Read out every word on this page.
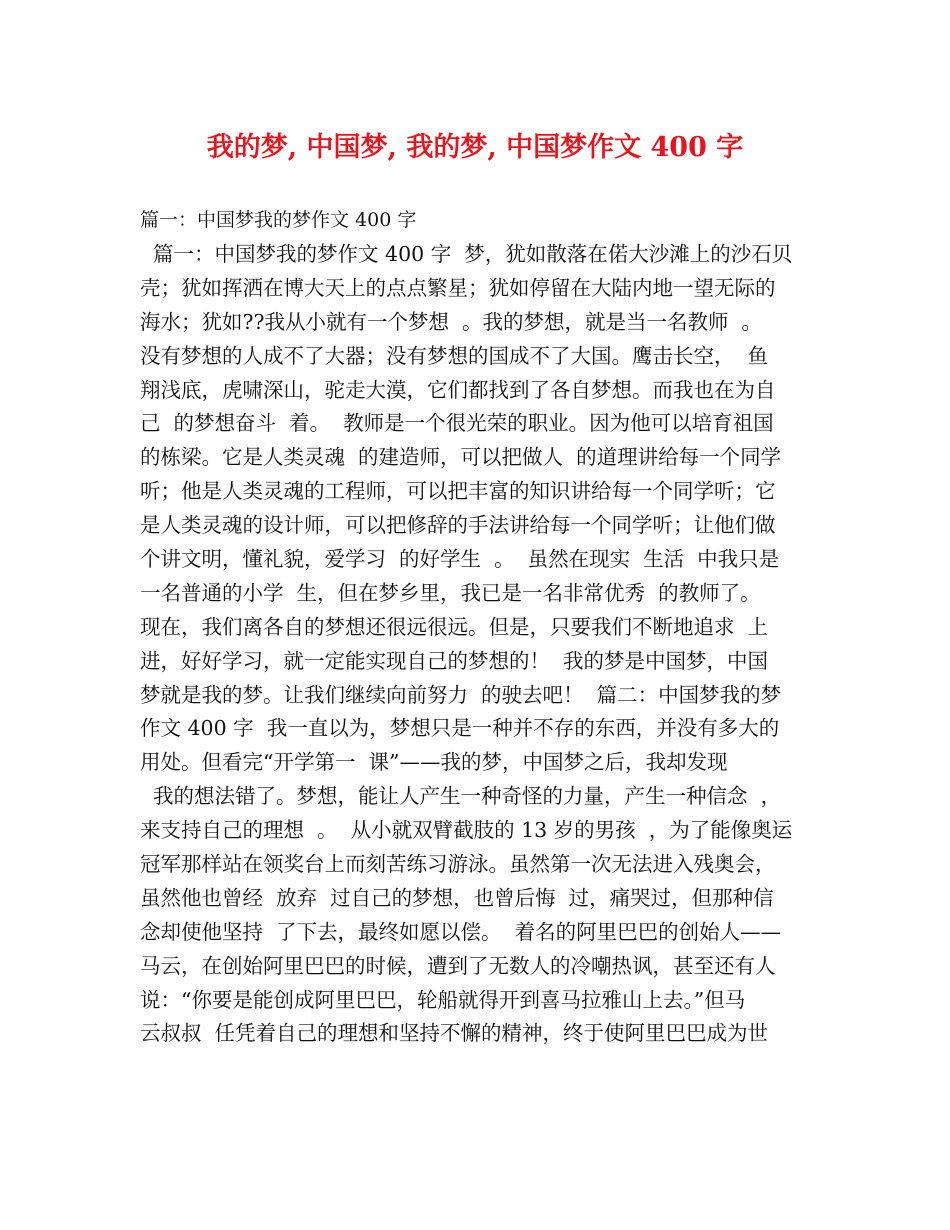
我的梦, 中国梦, 我的梦, 中国梦作文 400 字
篇一：中国梦我的梦作文 400 字
篇一：中国梦我的梦作文 400 字  梦，犹如散落在偌大沙滩上的沙石贝
壳；犹如挥洒在博大天上的点点繁星；犹如停留在大陆内地一望无际的
海水；犹如??我从小就有一个梦想  。我的梦想，就是当一名教师  。
没有梦想的人成不了大器；没有梦想的国成不了大国。鹰击长空，  鱼
翔浅底，虎啸深山，驼走大漠，它们都找到了各自梦想。而我也在为自
己  的梦想奋斗  着。  教师是一个很光荣的职业。因为他可以培育祖国
的栋梁。它是人类灵魂  的建造师，可以把做人  的道理讲给每一个同学
听；他是人类灵魂的工程师，可以把丰富的知识讲给每一个同学听；它
是人类灵魂的设计师，可以把修辞的手法讲给每一个同学听；让他们做
个讲文明，懂礼貌，爱学习  的好学生  。  虽然在现实  生活  中我只是
一名普通的小学  生，但在梦乡里，我已是一名非常优秀  的教师了。
现在，我们离各自的梦想还很远很远。但是，只要我们不断地追求  上
进，好好学习，就一定能实现自己的梦想的！  我的梦是中国梦，中国
梦就是我的梦。让我们继续向前努力  的驶去吧！  篇二：中国梦我的梦
作文 400 字  我一直以为，梦想只是一种并不存的东西，并没有多大的
用处。但看完“开学第一  课”——我的梦，中国梦之后，我却发现
我的想法错了。梦想，能让人产生一种奇怪的力量，产生一种信念  ，
来支持自己的理想  。  从小就双臂截肢的 13 岁的男孩  ，为了能像奥运
冠军那样站在领奖台上而刻苦练习游泳。虽然第一次无法进入残奥会，
虽然他也曾经  放弃  过自己的梦想，也曾后悔  过，痛哭过，但那种信
念却使他坚持  了下去，最终如愿以偿。  着名的阿里巴巴的创始人——
马云，在创始阿里巴巴的时候，遭到了无数人的冷嘲热讽，甚至还有人
说：“你要是能创成阿里巴巴，轮船就得开到喜马拉雅山上去。”但马
云叔叔  任凭着自己的理想和坚持不懈的精神，终于使阿里巴巴成为世
